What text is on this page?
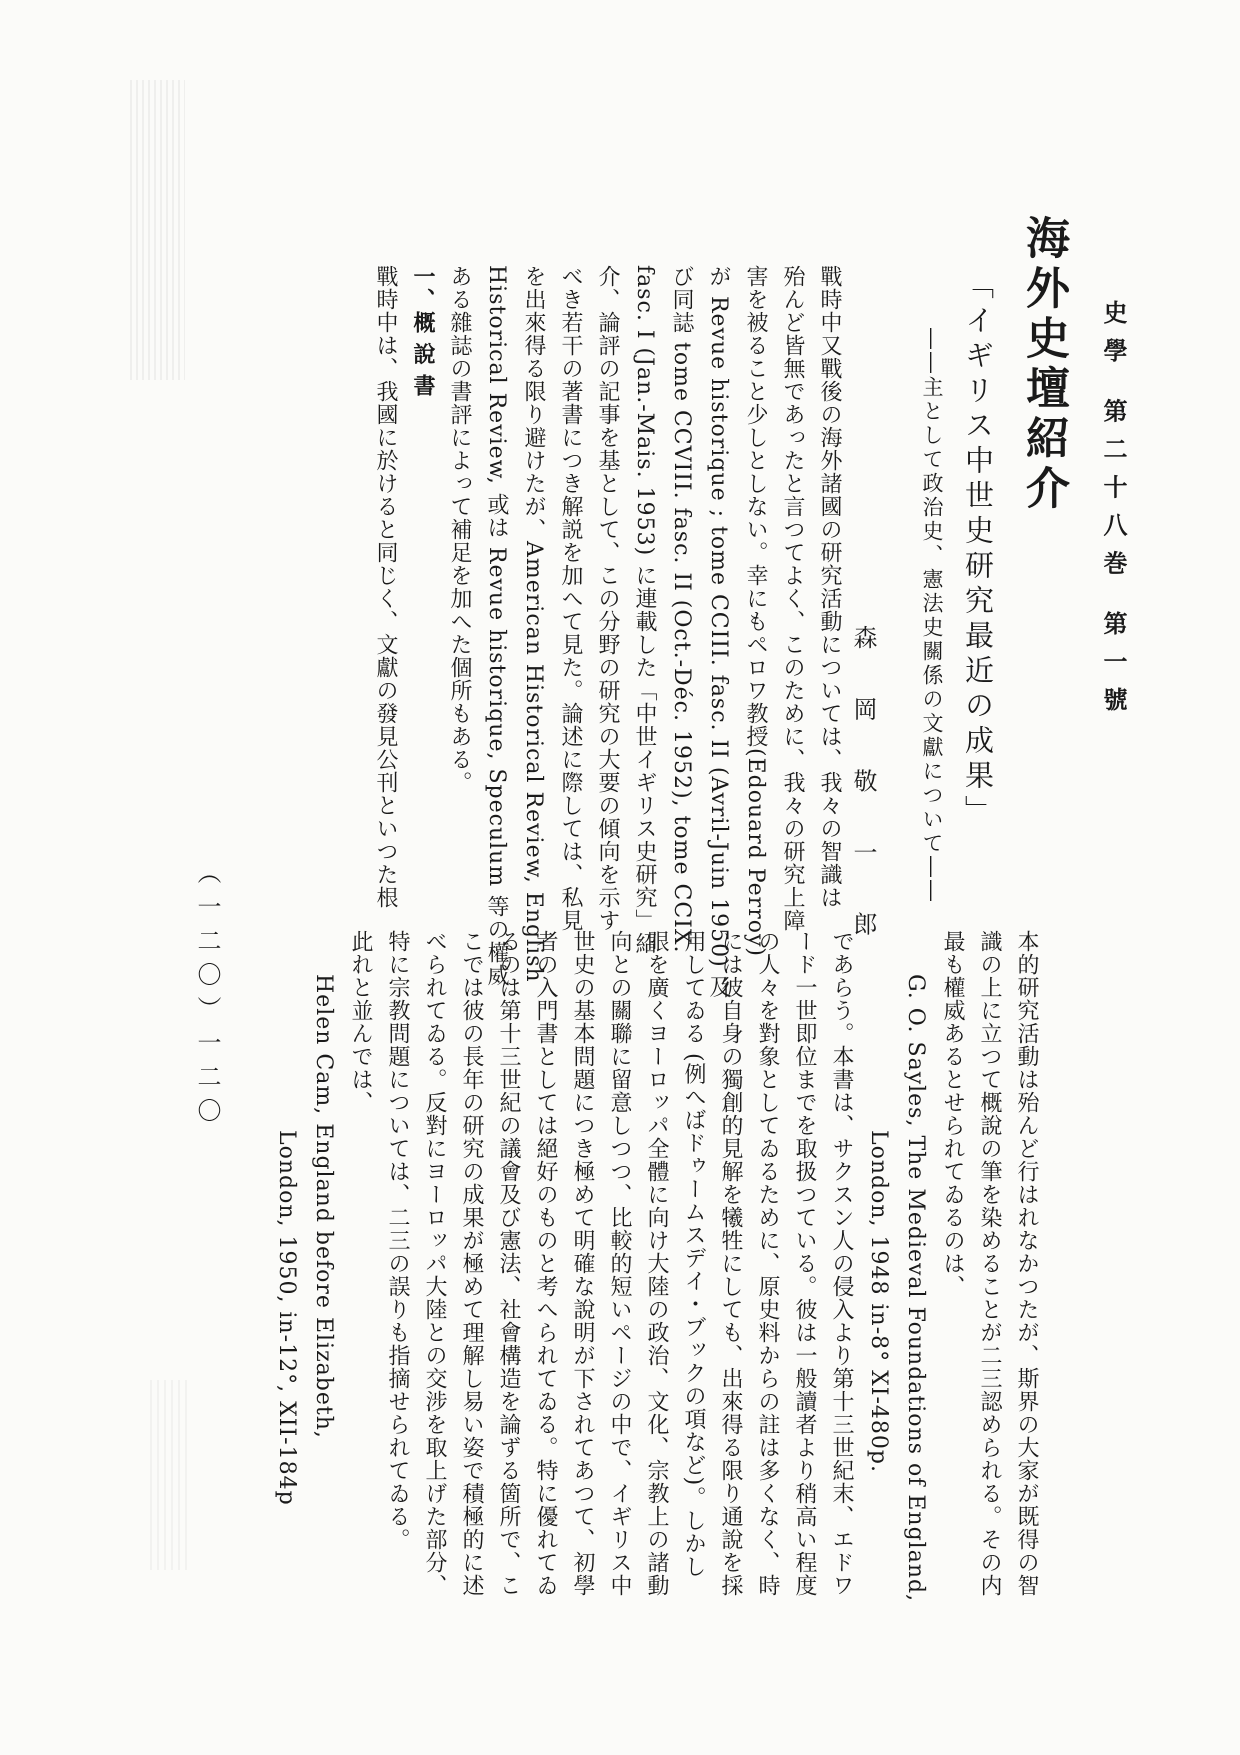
史學 第二十八巻 第一號
海外史壇紹介
「イギリス中世史研究最近の成果」
――主として政治史、憲法史關係の文獻について――
森 岡 敬 一 郎

戰時中又戰後の海外諸國の研究活動については、我々の智識は

殆んど皆無であったと言つてよく、このために、我々の研究上障

害を被ること少しとしない。幸にもペロワ教授(Edouard Perroy)

が Revue historique ; tome CCIII. fasc. II (Avril-Juin 1950) 及

び同誌 tome CCVIII. fasc. II (Oct.-Déc. 1952), tome CCIX.

fasc. I (Jan.-Mais. 1953) に連載した「中世イギリス史研究」紹

介、論評の記事を基として、この分野の研究の大要の傾向を示す

べき若干の著書につき解説を加へて見た。論述に際しては、私見

を出來得る限り避けたが、American Historical Review, English

Historical Review, 或は Revue historique, Speculum 等の權威

ある雜誌の書評によって補足を加へた個所もある。

一、概 說 書

戰時中は、我國に於けると同じく、文獻の發見公刊といつた根

（一二〇）一二〇	本的研究活動は殆んど行はれなかつたが、斯界の大家が既得の智

識の上に立つて概說の筆を染めることが二三認められる。その内

最も權威あるとせられてゐるのは、

G. O. Sayles, The Medieval Foundations of England,

London, 1948 in-8° XI-480p.

であらう。本書は、サクスン人の侵入より第十三世紀末、エドワ

ード一世即位までを取扱つている。彼は一般讀者より稍高い程度

の人々を對象としてゐるために、原史料からの註は多くなく、時

には彼自身の獨創的見解を犧牲にしても、出來得る限り通說を採

用してゐる (例へばドゥームスデイ・ブックの項など)。しかし

眼を廣くヨーロッパ全體に向け大陸の政治、文化、宗教上の諸動

向との關聯に留意しつつ、比較的短いページの中で、イギリス中

世史の基本問題につき極めて明確な說明が下されてあつて、初學

者の入門書としては絕好のものと考へられてゐる。特に優れてゐ

るのは第十三世紀の議會及び憲法、社會構造を論ずる箇所で、こ

こでは彼の長年の研究の成果が極めて理解し易い姿で積極的に述

べられてゐる。反對にヨーロッパ大陸との交涉を取上げた部分、

特に宗教問題については、二三の誤りも指摘せられてゐる。

此れと並んでは、

Helen Cam, England before Elizabeth,

London, 1950, in-12°, XII-184p
